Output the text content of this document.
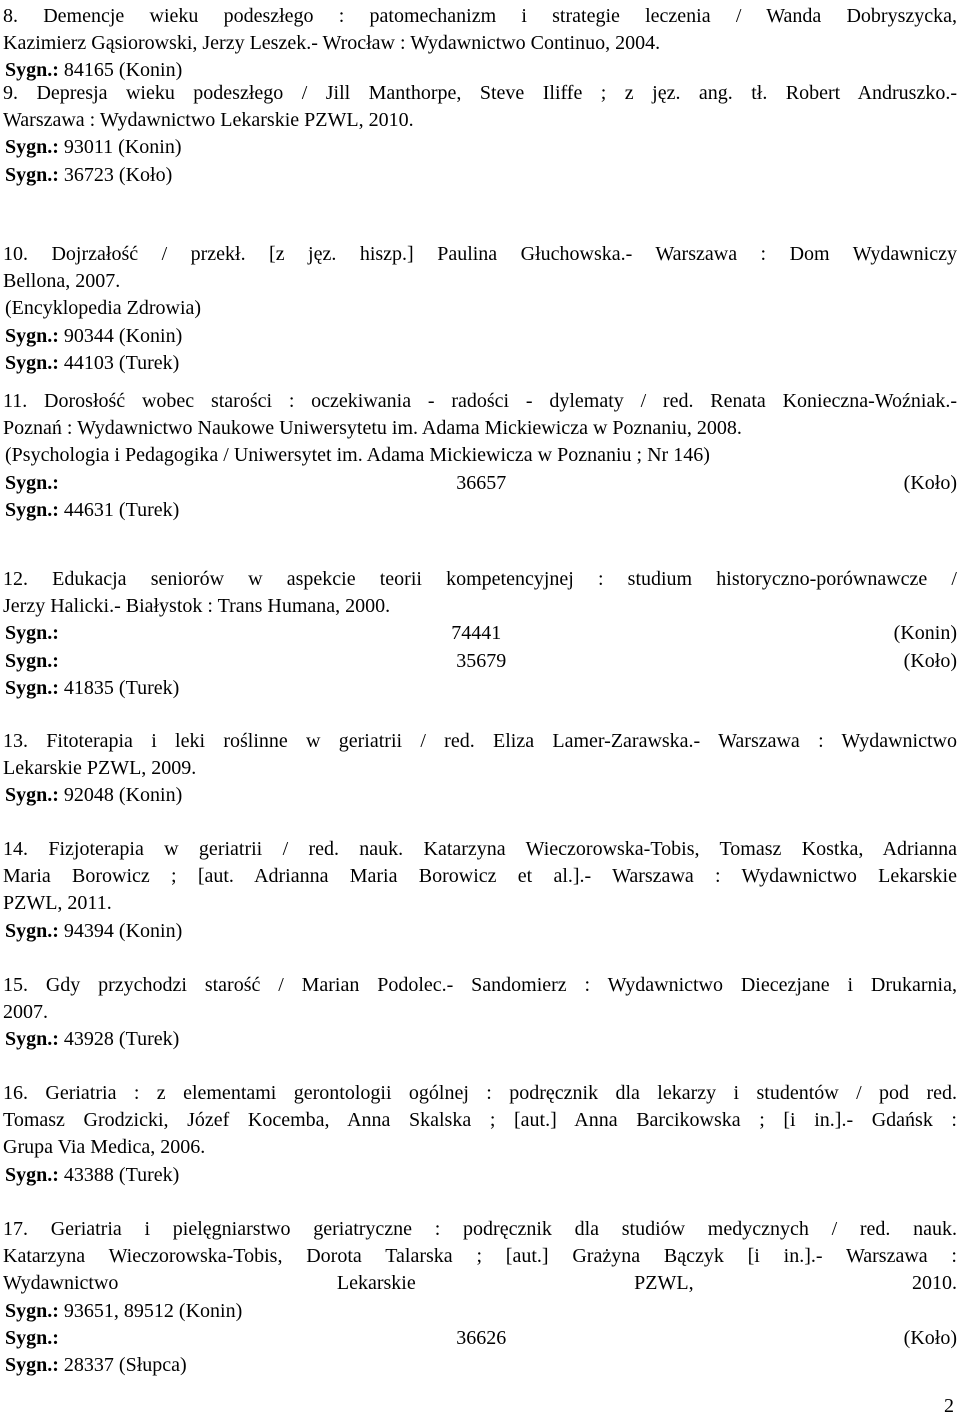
8. Demencje wieku podeszłego : patomechanizm i strategie leczenia / Wanda Dobryszycka,

Kazimierz Gąsiorowski, Jerzy Leszek.- Wrocław : Wydawnictwo Continuo, 2004.

Sygn.: 84165 (Konin)

9. Depresja wieku podeszłego / Jill Manthorpe, Steve Iliffe ; z jęz. ang. tł. Robert Andruszko.-

Warszawa : Wydawnictwo Lekarskie PZWL, 2010.

Sygn.: 93011 (Konin)

Sygn.: 36723 (Koło)

10. Dojrzałość / przekł. [z jęz. hiszp.] Paulina Głuchowska.- Warszawa : Dom Wydawniczy

Bellona, 2007.

(Encyklopedia Zdrowia)

Sygn.: 90344 (Konin)

Sygn.: 44103 (Turek)

11. Dorosłość wobec starości : oczekiwania - radości - dylematy / red. Renata Konieczna-Woźniak.-

Poznań : Wydawnictwo Naukowe Uniwersytetu im. Adama Mickiewicza w Poznaniu, 2008.

(Psychologia i Pedagogika / Uniwersytet im. Adama Mickiewicza w Poznaniu ; Nr 146)

Sygn.:	36657	(Koło)

Sygn.: 44631 (Turek)

12. Edukacja seniorów w aspekcie teorii kompetencyjnej : studium historyczno-porównawcze /

Jerzy Halicki.- Białystok : Trans Humana, 2000.

Sygn.:	74441	(Konin)

Sygn.:	35679	(Koło)

Sygn.: 41835 (Turek)

13. Fitoterapia i leki roślinne w geriatrii / red. Eliza Lamer-Zarawska.- Warszawa : Wydawnictwo

Lekarskie PZWL, 2009.

Sygn.: 92048 (Konin)

14. Fizjoterapia w geriatrii / red. nauk. Katarzyna Wieczorowska-Tobis, Tomasz Kostka, Adrianna

Maria Borowicz ; [aut. Adrianna Maria Borowicz et al.].- Warszawa : Wydawnictwo Lekarskie

PZWL, 2011.

Sygn.: 94394 (Konin)

15. Gdy przychodzi starość / Marian Podolec.- Sandomierz : Wydawnictwo Diecezjane i Drukarnia,

2007.

Sygn.: 43928 (Turek)

16. Geriatria : z elementami gerontologii ogólnej : podręcznik dla lekarzy i studentów / pod red.

Tomasz Grodzicki, Józef Kocemba, Anna Skalska ; [aut.] Anna Barcikowska ; [i in.].- Gdańsk :

Grupa Via Medica, 2006.

Sygn.: 43388 (Turek)

17. Geriatria i pielęgniarstwo geriatryczne : podręcznik dla studiów medycznych / red. nauk.

Katarzyna Wieczorowska-Tobis, Dorota Talarska ; [aut.] Grażyna Bączyk [i in.].- Warszawa :

Wydawnictwo Lekarskie PZWL, 2010.

Sygn.: 93651, 89512 (Konin)

Sygn.:	36626	(Koło)

Sygn.: 28337 (Słupca)

2
